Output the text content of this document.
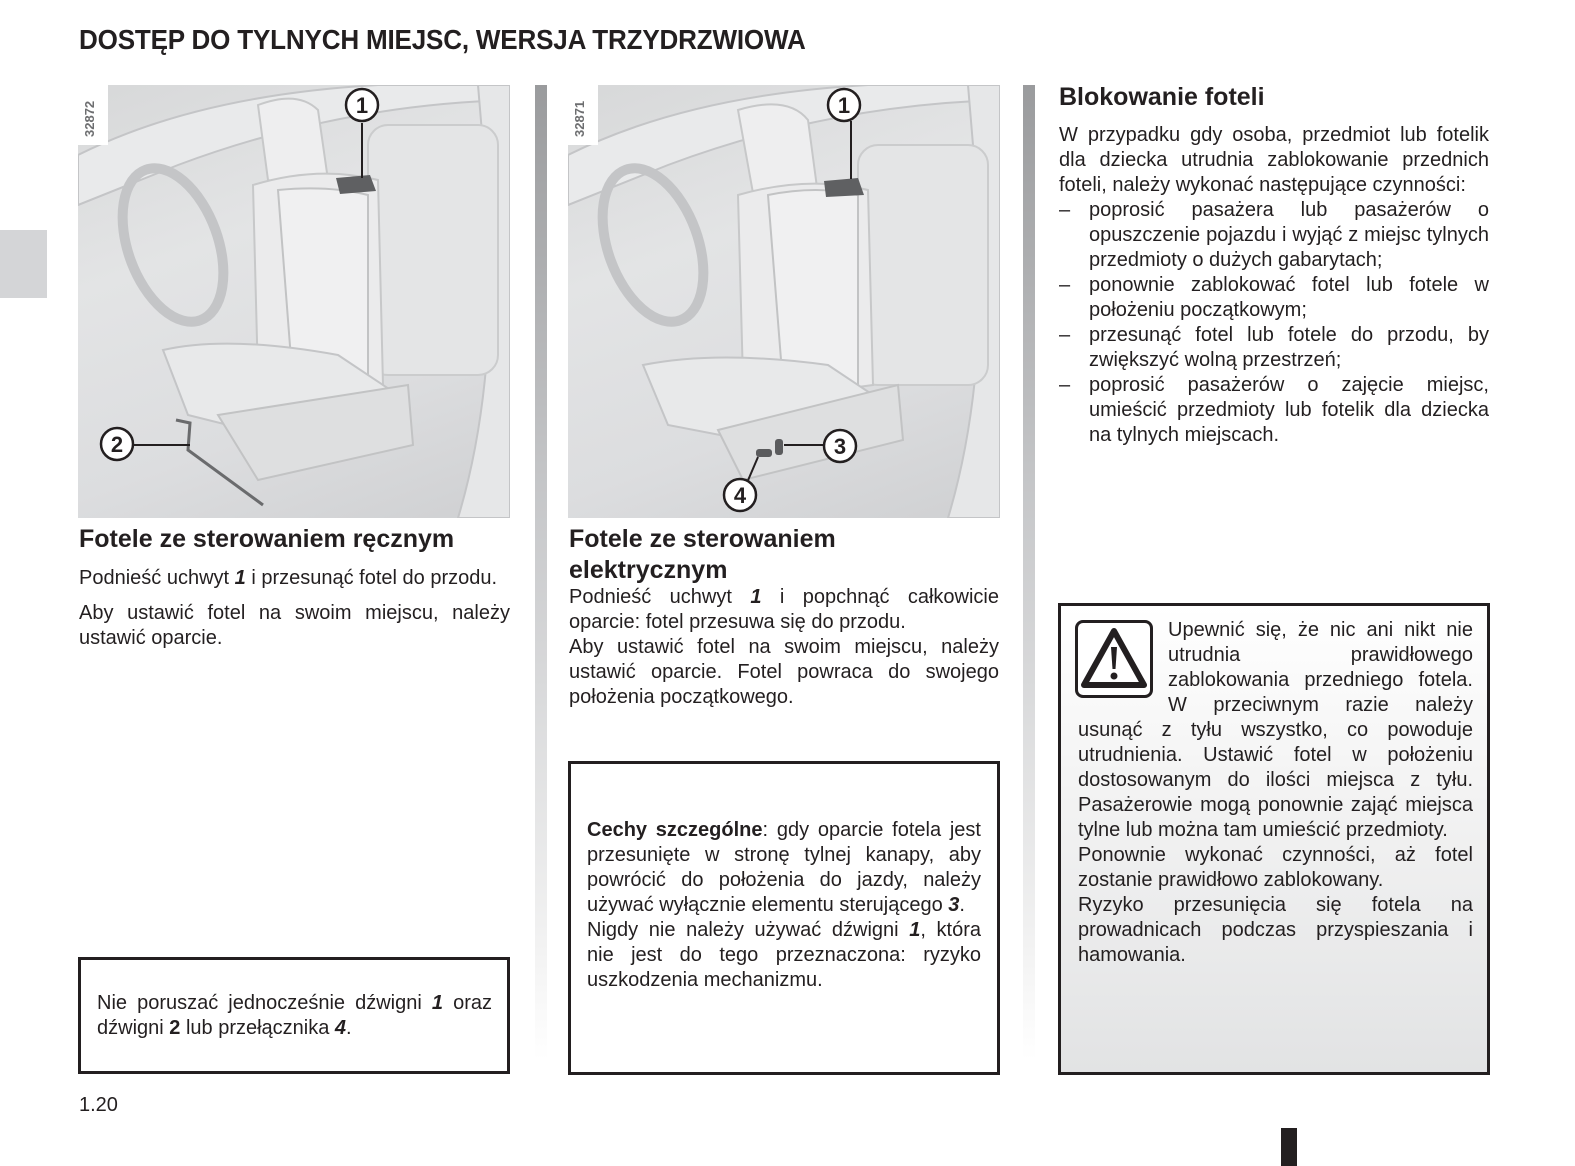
DOSTĘP DO TYLNYCH MIEJSC, WERSJA TRZYDRZWIOWA
32872	1
2
32871	1
3
4
Fotele ze sterowaniem ręcznym

Podnieść uchwyt 1 i przesunąć fotel do przodu.

Aby ustawić fotel na swoim miejscu, należy ustawić oparcie.

Nie poruszać jednocześnie dźwigni 1 oraz dźwigni 2 lub przełącznika 4.
Fotele ze sterowaniem elektrycznym

Podnieść uchwyt 1 i popchnąć całkowicie oparcie: fotel przesuwa się do przodu.

Aby ustawić fotel na swoim miejscu, należy ustawić oparcie. Fotel powraca do swojego położenia początkowego.

Cechy szczególne: gdy oparcie fotela jest przesunięte w stronę tylnej kanapy, aby powrócić do położenia do jazdy, należy używać wyłącznie elementu sterującego 3.
Nigdy nie należy używać dźwigni 1, która nie jest do tego przeznaczona: ryzyko uszkodzenia mechanizmu.
Blokowanie foteli

W przypadku gdy osoba, przedmiot lub fotelik dla dziecka utrudnia zablokowanie przednich foteli, należy wykonać następujące czynności:

– poprosić pasażera lub pasażerów o opuszczenie pojazdu i wyjąć z miejsc tylnych przedmioty o dużych gabarytach;
– ponownie zablokować fotel lub fotele w położeniu początkowym;
– przesunąć fotel lub fotele do przodu, by zwiększyć wolną przestrzeń;
– poprosić pasażerów o zajęcie miejsc, umieścić przedmioty lub fotelik dla dziecka na tylnych miejscach.

Upewnić się, że nic ani nikt nie utrudnia prawidłowego zablokowania przedniego fotela. W przeciwnym razie należy usunąć z tyłu wszystko, co powoduje utrudnienia. Ustawić fotel w położeniu dostosowanym do ilości miejsca z tyłu. Pasażerowie mogą ponownie zająć miejsca tylne lub można tam umieścić przedmioty.

Ponownie wykonać czynności, aż fotel zostanie prawidłowo zablokowany.

Ryzyko przesunięcia się fotela na prowadnicach podczas przyspieszania i hamowania.

1.20
